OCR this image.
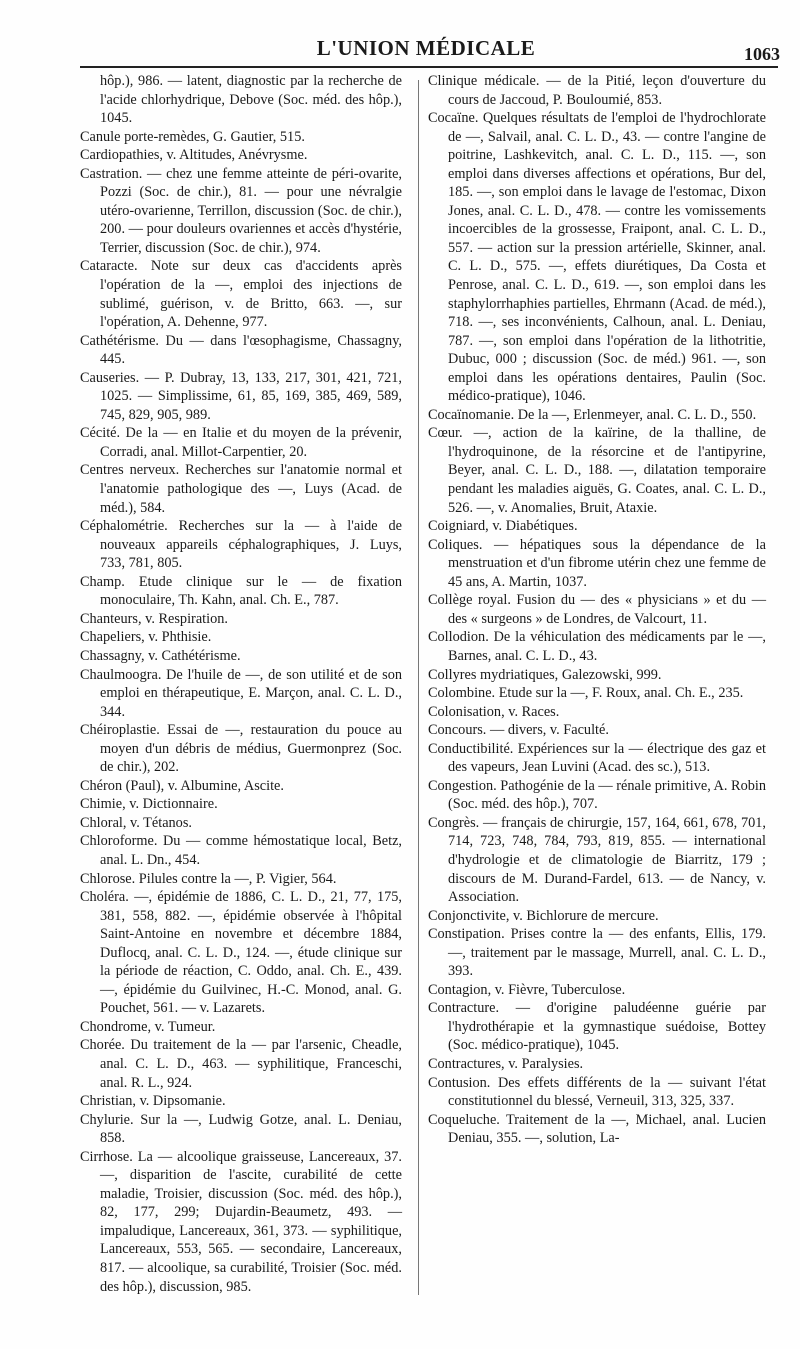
L'UNION MÉDICALE	1063

hôp.), 986. — latent, diagnostic par la recherche de l'acide chlorhydrique, Debove (Soc. méd. des hôp.), 1045.

Canule porte-remèdes, G. Gautier, 515.

Cardiopathies, v. Altitudes, Anévrysme.

Castration. — chez une femme atteinte de péri-ovarite, Pozzi (Soc. de chir.), 81. — pour une névralgie utéro-ovarienne, Terrillon, discussion (Soc. de chir.), 200. — pour douleurs ovariennes et accès d'hystérie, Terrier, discussion (Soc. de chir.), 974.

Cataracte. Note sur deux cas d'accidents après l'opération de la —, emploi des injections de sublimé, guérison, v. de Britto, 663. —, sur l'opération, A. Dehenne, 977.

Cathétérisme. Du — dans l'œsophagisme, Chassagny, 445.

Causeries. — P. Dubray, 13, 133, 217, 301, 421, 721, 1025. — Simplissime, 61, 85, 169, 385, 469, 589, 745, 829, 905, 989.

Cécité. De la — en Italie et du moyen de la prévenir, Corradi, anal. Millot-Carpentier, 20.

Centres nerveux. Recherches sur l'anatomie normal et l'anatomie pathologique des —, Luys (Acad. de méd.), 584.

Céphalométrie. Recherches sur la — à l'aide de nouveaux appareils céphalographiques, J. Luys, 733, 781, 805.

Champ. Etude clinique sur le — de fixation monoculaire, Th. Kahn, anal. Ch. E., 787.

Chanteurs, v. Respiration.

Chapeliers, v. Phthisie.

Chassagny, v. Cathétérisme.

Chaulmoogra. De l'huile de —, de son utilité et de son emploi en thérapeutique, E. Marçon, anal. C. L. D., 344.

Chéiroplastie. Essai de —, restauration du pouce au moyen d'un débris de médius, Guermonprez (Soc. de chir.), 202.

Chéron (Paul), v. Albumine, Ascite.

Chimie, v. Dictionnaire.

Chloral, v. Tétanos.

Chloroforme. Du — comme hémostatique local, Betz, anal. L. Dn., 454.

Chlorose. Pilules contre la —, P. Vigier, 564.

Choléra. —, épidémie de 1886, C. L. D., 21, 77, 175, 381, 558, 882. —, épidémie observée à l'hôpital Saint-Antoine en novembre et décembre 1884, Duflocq, anal. C. L. D., 124. —, étude clinique sur la période de réaction, C. Oddo, anal. Ch. E., 439. —, épidémie du Guilvinec, H.-C. Monod, anal. G. Pouchet, 561. — v. Lazarets.

Chondrome, v. Tumeur.

Chorée. Du traitement de la — par l'arsenic, Cheadle, anal. C. L. D., 463. — syphilitique, Franceschi, anal. R. L., 924.

Christian, v. Dipsomanie.

Chylurie. Sur la —, Ludwig Gotze, anal. L. Deniau, 858.

Cirrhose. La — alcoolique graisseuse, Lancereaux, 37. —, disparition de l'ascite, curabilité de cette maladie, Troisier, discussion (Soc. méd. des hôp.), 82, 177, 299; Dujardin-Beaumetz, 493. — impaludique, Lancereaux, 361, 373. — syphilitique, Lancereaux, 553, 565. — secondaire, Lancereaux, 817. — alcoolique, sa curabilité, Troisier (Soc. méd. des hôp.), discussion, 985.

Clinique médicale. — de la Pitié, leçon d'ouverture du cours de Jaccoud, P. Bouloumié, 853.

Cocaïne. Quelques résultats de l'emploi de l'hydrochlorate de —, Salvail, anal. C. L. D., 43. — contre l'angine de poitrine, Lashkevitch, anal. C. L. D., 115. —, son emploi dans diverses affections et opérations, Bur del, 185. —, son emploi dans le lavage de l'estomac, Dixon Jones, anal. C. L. D., 478. — contre les vomissements incoercibles de la grossesse, Fraipont, anal. C. L. D., 557. — action sur la pression artérielle, Skinner, anal. C. L. D., 575. —, effets diurétiques, Da Costa et Penrose, anal. C. L. D., 619. —, son emploi dans les staphylorrhaphies partielles, Ehrmann (Acad. de méd.), 718. —, ses inconvénients, Calhoun, anal. L. Deniau, 787. —, son emploi dans l'opération de la lithotritie, Dubuc, 000 ; discussion (Soc. de méd.) 961. —, son emploi dans les opérations dentaires, Paulin (Soc. médico-pratique), 1046.

Cocaïnomanie. De la —, Erlenmeyer, anal. C. L. D., 550.

Cœur. —, action de la kaïrine, de la thalline, de l'hydroquinone, de la résorcine et de l'antipyrine, Beyer, anal. C. L. D., 188. —, dilatation temporaire pendant les maladies aiguës, G. Coates, anal. C. L. D., 526. —, v. Anomalies, Bruit, Ataxie.

Coigniard, v. Diabétiques.

Coliques. — hépatiques sous la dépendance de la menstruation et d'un fibrome utérin chez une femme de 45 ans, A. Martin, 1037.

Collège royal. Fusion du — des « physicians » et du — des « surgeons » de Londres, de Valcourt, 11.

Collodion. De la véhiculation des médicaments par le —, Barnes, anal. C. L. D., 43.

Collyres mydriatiques, Galezowski, 999.

Colombine. Etude sur la —, F. Roux, anal. Ch. E., 235.

Colonisation, v. Races.

Concours. — divers, v. Faculté.

Conductibilité. Expériences sur la — électrique des gaz et des vapeurs, Jean Luvini (Acad. des sc.), 513.

Congestion. Pathogénie de la — rénale primitive, A. Robin (Soc. méd. des hôp.), 707.

Congrès. — français de chirurgie, 157, 164, 661, 678, 701, 714, 723, 748, 784, 793, 819, 855. — international d'hydrologie et de climatologie de Biarritz, 179 ; discours de M. Durand-Fardel, 613. — de Nancy, v. Association.

Conjonctivite, v. Bichlorure de mercure.

Constipation. Prises contre la — des enfants, Ellis, 179. —, traitement par le massage, Murrell, anal. C. L. D., 393.

Contagion, v. Fièvre, Tuberculose.

Contracture. — d'origine paludéenne guérie par l'hydrothérapie et la gymnastique suédoise, Bottey (Soc. médico-pratique), 1045.

Contractures, v. Paralysies.

Contusion. Des effets différents de la — suivant l'état constitutionnel du blessé, Verneuil, 313, 325, 337.

Coqueluche. Traitement de la —, Michael, anal. Lucien Deniau, 355. —, solution, La-
